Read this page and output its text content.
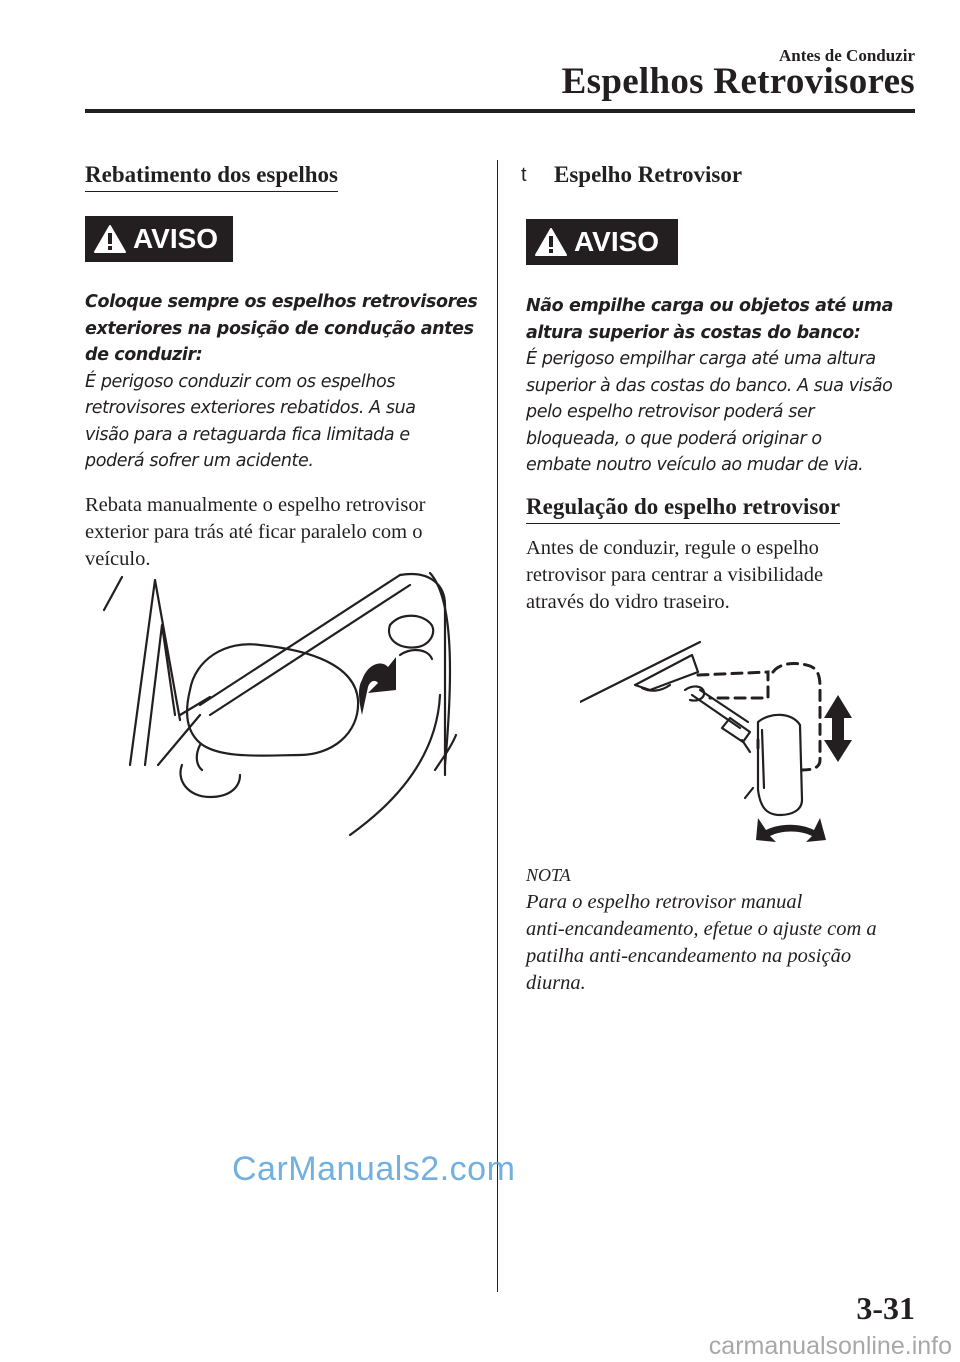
Antes de Conduzir
Espelhos Retrovisores
Rebatimento dos espelhos
AVISO
Coloque sempre os espelhos retrovisores
exteriores na posição de condução antes
de conduzir:
É perigoso conduzir com os espelhos
retrovisores exteriores rebatidos. A sua
visão para a retaguarda fica limitada e
poderá sofrer um acidente.
Rebata manualmente o espelho retrovisor
exterior para trás até ficar paralelo com o
veículo.
t Espelho Retrovisor
AVISO
Não empilhe carga ou objetos até uma
altura superior às costas do banco:
É perigoso empilhar carga até uma altura
superior à das costas do banco. A sua visão
pelo espelho retrovisor poderá ser
bloqueada, o que poderá originar o
embate noutro veículo ao mudar de via.
Regulação do espelho retrovisor
Antes de conduzir, regule o espelho
retrovisor para centrar a visibilidade
através do vidro traseiro.
NOTA
Para o espelho retrovisor manual
anti-encandeamento, efetue o ajuste com a
patilha anti-encandeamento na posição
diurna.
CarManuals2.com
3-31
carmanualsonline.info
